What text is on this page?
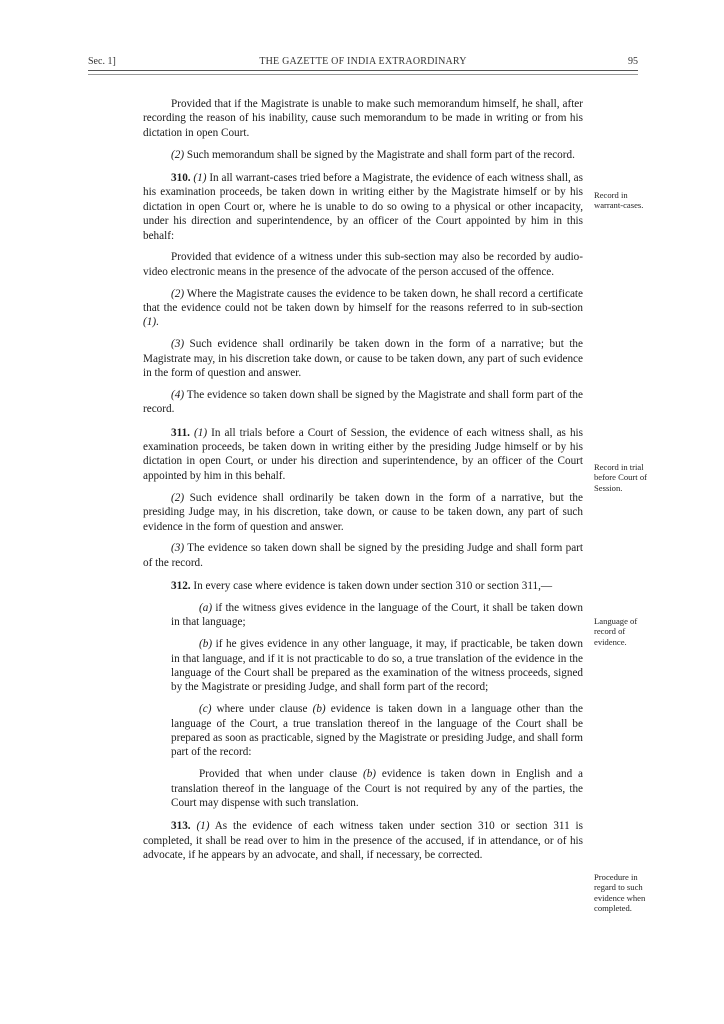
Sec. 1]	THE GAZETTE OF INDIA EXTRAORDINARY	95

Provided that if the Magistrate is unable to make such memorandum himself, he shall, after recording the reason of his inability, cause such memorandum to be made in writing or from his dictation in open Court.

(2) Such memorandum shall be signed by the Magistrate and shall form part of the record.

310. (1) In all warrant-cases tried before a Magistrate, the evidence of each witness shall, as his examination proceeds, be taken down in writing either by the Magistrate himself or by his dictation in open Court or, where he is unable to do so owing to a physical or other incapacity, under his direction and superintendence, by an officer of the Court appointed by him in this behalf:

Provided that evidence of a witness under this sub-section may also be recorded by audio-video electronic means in the presence of the advocate of the person accused of the offence.

(2) Where the Magistrate causes the evidence to be taken down, he shall record a certificate that the evidence could not be taken down by himself for the reasons referred to in sub-section (1).

(3) Such evidence shall ordinarily be taken down in the form of a narrative; but the Magistrate may, in his discretion take down, or cause to be taken down, any part of such evidence in the form of question and answer.

(4) The evidence so taken down shall be signed by the Magistrate and shall form part of the record.

311. (1) In all trials before a Court of Session, the evidence of each witness shall, as his examination proceeds, be taken down in writing either by the presiding Judge himself or by his dictation in open Court, or under his direction and superintendence, by an officer of the Court appointed by him in this behalf.

(2) Such evidence shall ordinarily be taken down in the form of a narrative, but the presiding Judge may, in his discretion, take down, or cause to be taken down, any part of such evidence in the form of question and answer.

(3) The evidence so taken down shall be signed by the presiding Judge and shall form part of the record.

312. In every case where evidence is taken down under section 310 or section 311,—

(a) if the witness gives evidence in the language of the Court, it shall be taken down in that language;

(b) if he gives evidence in any other language, it may, if practicable, be taken down in that language, and if it is not practicable to do so, a true translation of the evidence in the language of the Court shall be prepared as the examination of the witness proceeds, signed by the Magistrate or presiding Judge, and shall form part of the record;

(c) where under clause (b) evidence is taken down in a language other than the language of the Court, a true translation thereof in the language of the Court shall be prepared as soon as practicable, signed by the Magistrate or presiding Judge, and shall form part of the record:

Provided that when under clause (b) evidence is taken down in English and a translation thereof in the language of the Court is not required by any of the parties, the Court may dispense with such translation.

313. (1) As the evidence of each witness taken under section 310 or section 311 is completed, it shall be read over to him in the presence of the accused, if in attendance, or of his advocate, if he appears by an advocate, and shall, if necessary, be corrected.

Record in warrant-cases.
Record in trial before Court of Session.
Language of record of evidence.
Procedure in regard to such evidence when completed.
